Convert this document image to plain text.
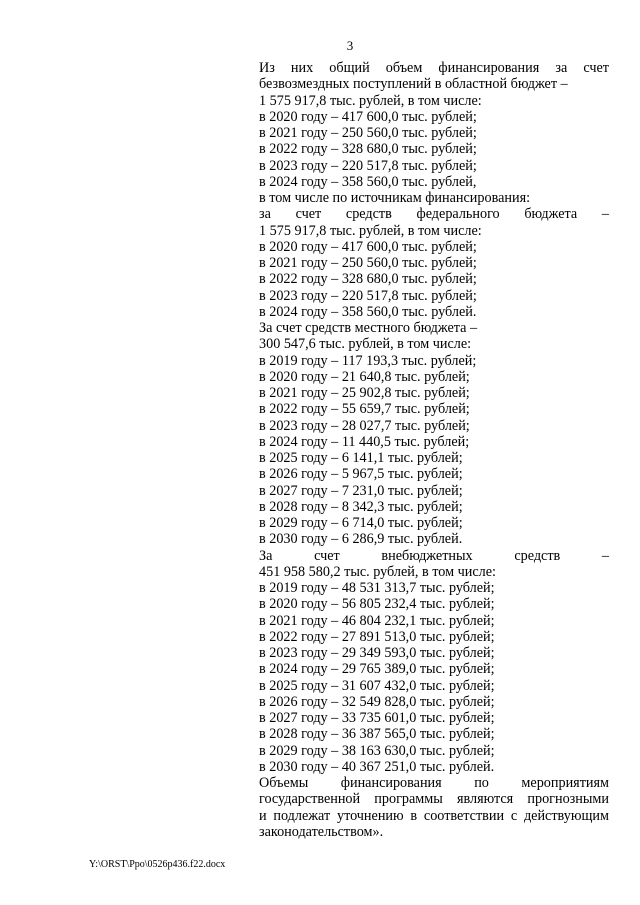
3
Из них общий объем финансирования за счет
безвозмездных поступлений в областной бюджет –
1 575 917,8 тыс. рублей, в том числе:
в 2020 году – 417 600,0 тыс. рублей;
в 2021 году – 250 560,0 тыс. рублей;
в 2022 году – 328 680,0 тыс. рублей;
в 2023 году – 220 517,8 тыс. рублей;
в 2024 году – 358 560,0 тыс. рублей,
в том числе по источникам финансирования:
за счет средств федерального бюджета –
1 575 917,8 тыс. рублей, в том числе:
в 2020 году – 417 600,0 тыс. рублей;
в 2021 году – 250 560,0 тыс. рублей;
в 2022 году – 328 680,0 тыс. рублей;
в 2023 году – 220 517,8 тыс. рублей;
в 2024 году – 358 560,0 тыс. рублей.
За счет средств местного бюджета –
300 547,6 тыс. рублей, в том числе:
в 2019 году – 117 193,3 тыс. рублей;
в 2020 году – 21 640,8 тыс. рублей;
в 2021 году – 25 902,8 тыс. рублей;
в 2022 году – 55 659,7 тыс. рублей;
в 2023 году – 28 027,7 тыс. рублей;
в 2024 году – 11 440,5 тыс. рублей;
в 2025 году – 6 141,1 тыс. рублей;
в 2026 году – 5 967,5 тыс. рублей;
в 2027 году – 7 231,0 тыс. рублей;
в 2028 году – 8 342,3 тыс. рублей;
в 2029 году – 6 714,0 тыс. рублей;
в 2030 году – 6 286,9 тыс. рублей.
За	счет	внебюджетных	средств	–
451 958 580,2 тыс. рублей, в том числе:
в 2019 году – 48 531 313,7 тыс. рублей;
в 2020 году – 56 805 232,4 тыс. рублей;
в 2021 году – 46 804 232,1 тыс. рублей;
в 2022 году – 27 891 513,0 тыс. рублей;
в 2023 году – 29 349 593,0 тыс. рублей;
в 2024 году – 29 765 389,0 тыс. рублей;
в 2025 году – 31 607 432,0 тыс. рублей;
в 2026 году – 32 549 828,0 тыс. рублей;
в 2027 году – 33 735 601,0 тыс. рублей;
в 2028 году – 36 387 565,0 тыс. рублей;
в 2029 году – 38 163 630,0 тыс. рублей;
в 2030 году – 40 367 251,0 тыс. рублей.
Объемы финансирования по мероприятиям
государственной программы являются прогнозными
и подлежат уточнению в соответствии с действующим
законодательством».
Y:\ORST\Ppo\0526p436.f22.docx
